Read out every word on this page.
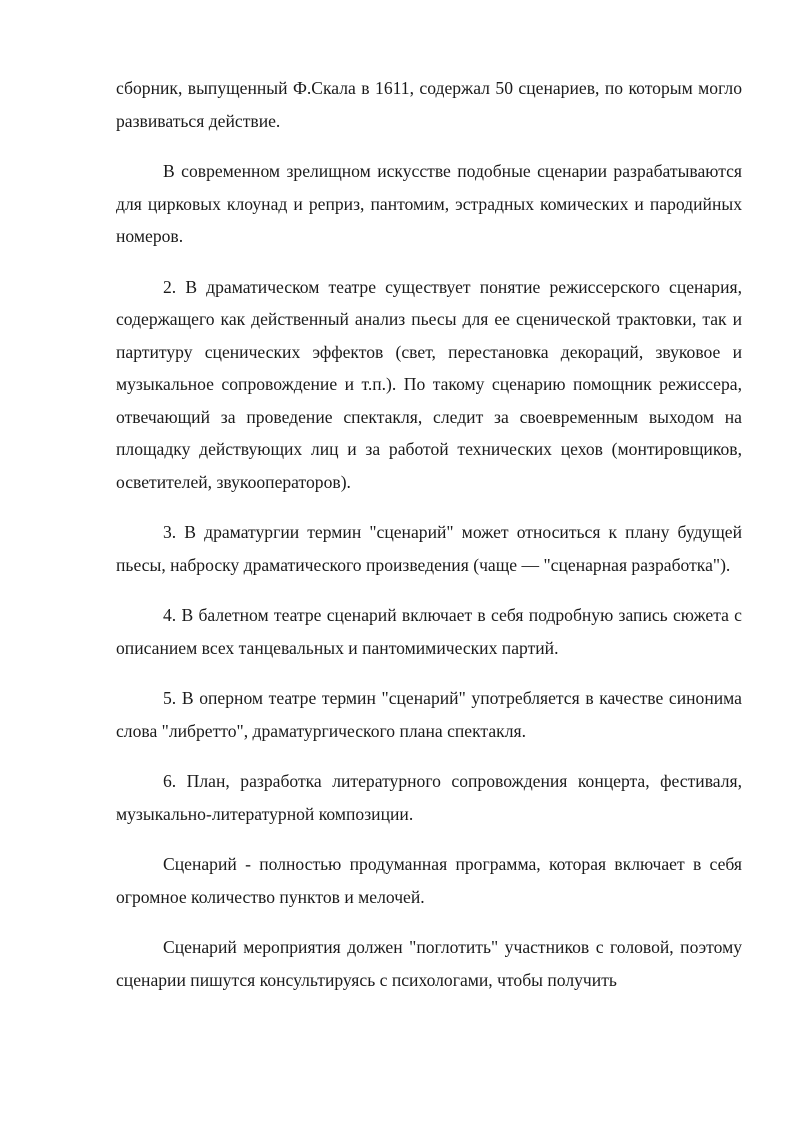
сборник, выпущенный Ф.Скала в 1611, содержал 50 сценариев, по которым могло развиваться действие.

В современном зрелищном искусстве подобные сценарии разрабатываются для цирковых клоунад и реприз, пантомим, эстрадных комических и пародийных номеров.

2. В драматическом театре существует понятие режиссерского сценария, содержащего как действенный анализ пьесы для ее сценической трактовки, так и партитуру сценических эффектов (свет, перестановка декораций, звуковое и музыкальное сопровождение и т.п.). По такому сценарию помощник режиссера, отвечающий за проведение спектакля, следит за своевременным выходом на площадку действующих лиц и за работой технических цехов (монтировщиков, осветителей, звукооператоров).

3. В драматургии термин "сценарий" может относиться к плану будущей пьесы, наброску драматического произведения (чаще — "сценарная разработка").

4. В балетном театре сценарий включает в себя подробную запись сюжета с описанием всех танцевальных и пантомимических партий.

5. В оперном театре термин "сценарий" употребляется в качестве синонима слова "либретто", драматургического плана спектакля.

6. План, разработка литературного сопровождения концерта, фестиваля, музыкально-литературной композиции.

Сценарий - полностью продуманная программа, которая включает в себя огромное количество пунктов и мелочей.

Сценарий мероприятия должен "поглотить" участников с головой, поэтому сценарии пишутся консультируясь с психологами, чтобы получить
